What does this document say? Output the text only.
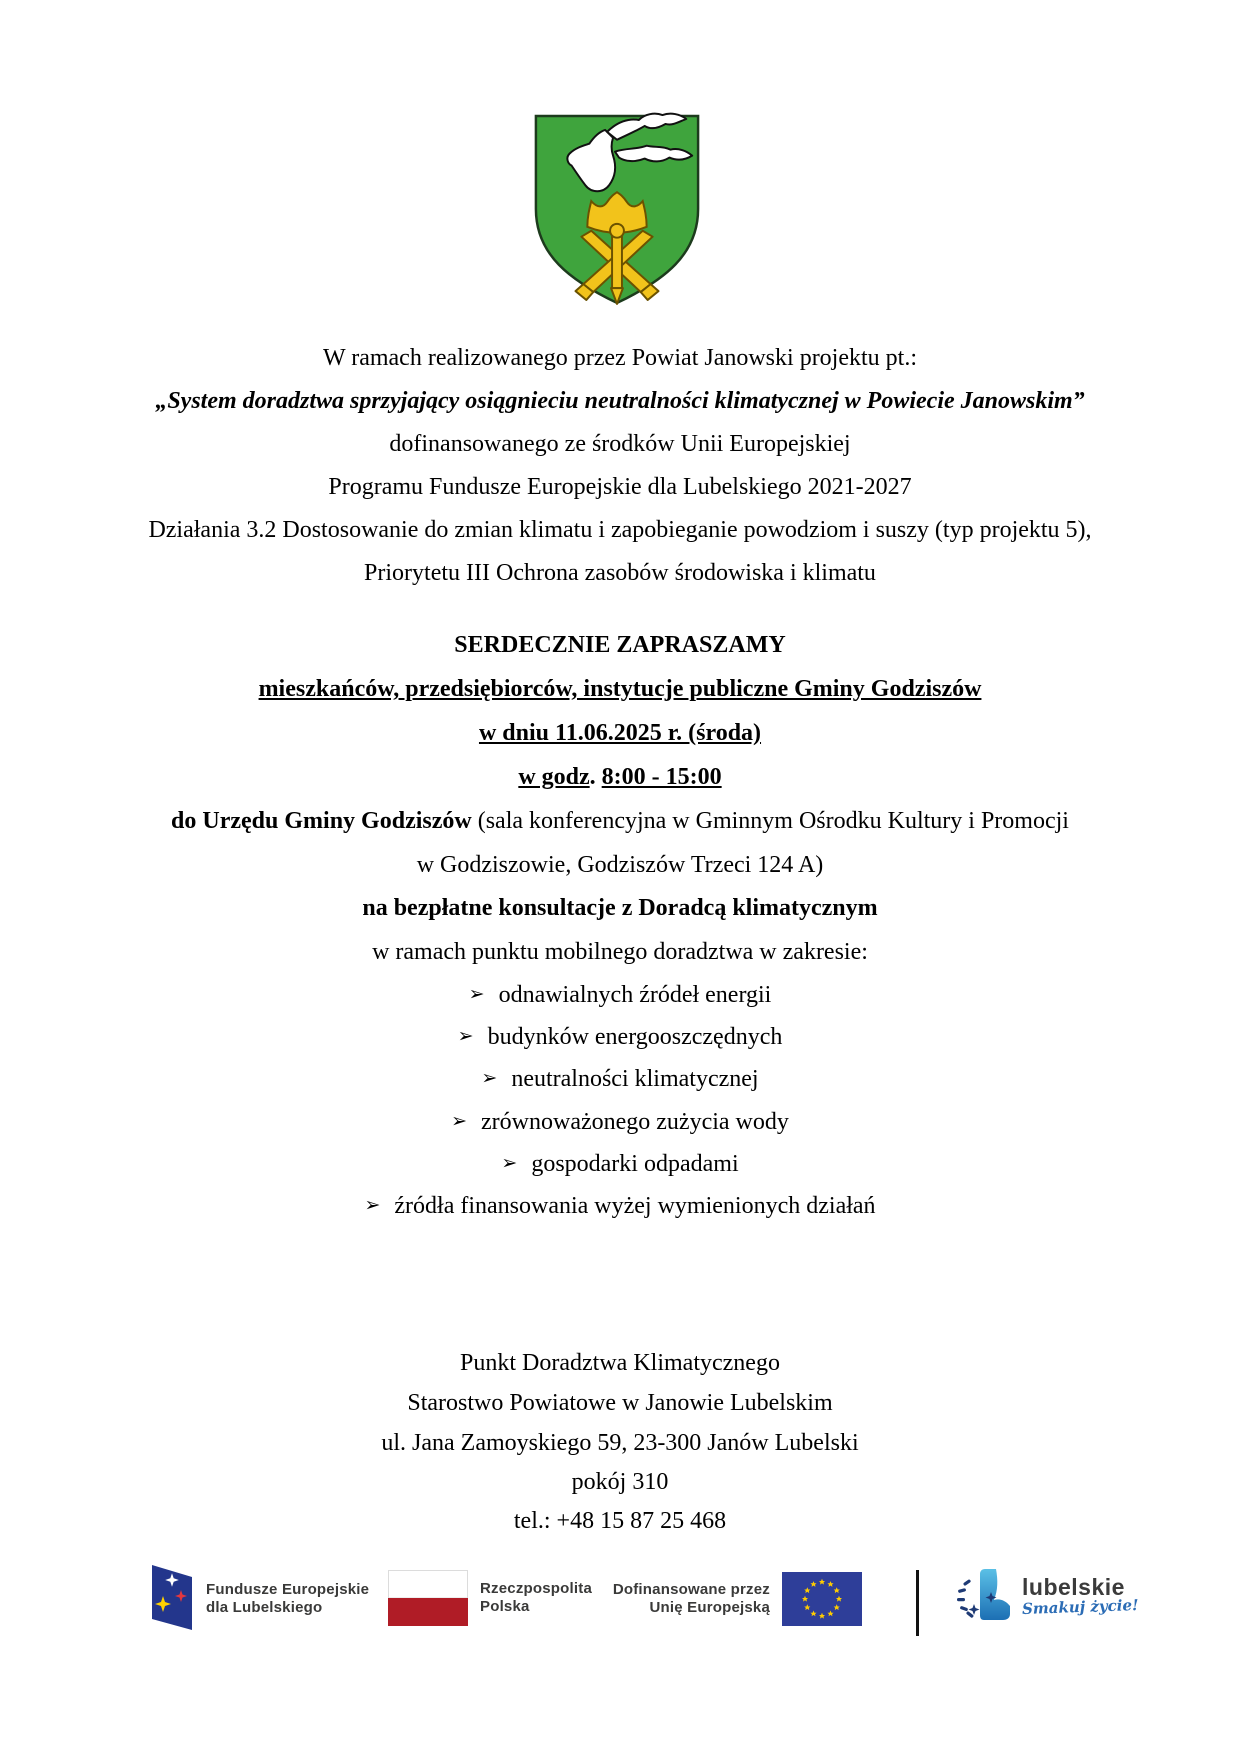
W ramach realizowanego przez Powiat Janowski projektu pt.:
„System doradztwa sprzyjający osiągnieciu neutralności klimatycznej w Powiecie Janowskim”
dofinansowanego ze środków Unii Europejskiej
Programu Fundusze Europejskie dla Lubelskiego 2021-2027
Działania 3.2 Dostosowanie do zmian klimatu i zapobieganie powodziom i suszy (typ projektu 5),
Priorytetu III Ochrona zasobów środowiska i klimatu
SERDECZNIE ZAPRASZAMY
mieszkańców, przedsiębiorców, instytucje publiczne Gminy Godziszów
w dniu 11.06.2025 r. (środa)
w godz. 8:00 - 15:00
do Urzędu Gminy Godziszów (sala konferencyjna w Gminnym Ośrodku Kultury i Promocji
w Godziszowie, Godziszów Trzeci 124 A)
na bezpłatne konsultacje z Doradcą klimatycznym
w ramach punktu mobilnego doradztwa w zakresie:
➢ odnawialnych źródeł energii
➢ budynków energooszczędnych
➢ neutralności klimatycznej
➢ zrównoważonego zużycia wody
➢ gospodarki odpadami
➢ źródła finansowania wyżej wymienionych działań
Punkt Doradztwa Klimatycznego
Starostwo Powiatowe w Janowie Lubelskim
ul. Jana Zamoyskiego 59, 23-300 Janów Lubelski
pokój 310
tel.: +48 15 87 25 468
Fundusze Europejskie
dla Lubelskiego
Rzeczpospolita
Polska
Dofinansowane przez
Unię Europejską
lubelskie
Smakuj życie!
